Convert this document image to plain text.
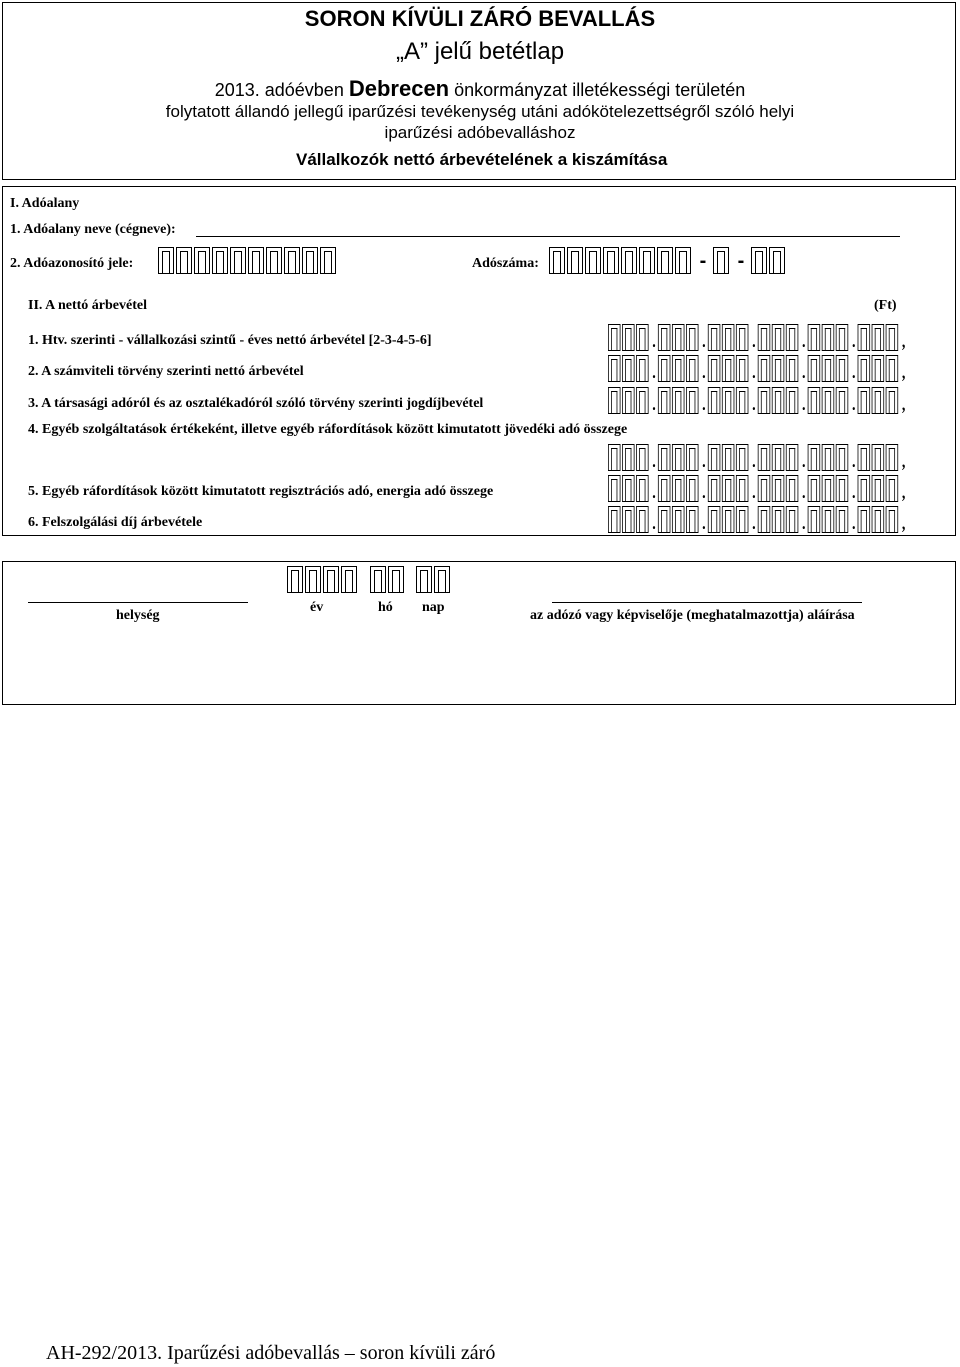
SORON KÍVÜLI ZÁRÓ BEVALLÁS
„A” jelű betétlap
2013. adóévben Debrecen önkormányzat illetékességi területén
folytatott állandó jellegű iparűzési tevékenység utáni adókötelezettségről szóló helyi
iparűzési adóbevalláshoz
Vállalkozók nettó árbevételének a kiszámítása
I. Adóalany
1. Adóalany neve (cégneve):
2. Adóazonosító jele:	Adószáma:	-	-
II. A nettó árbevétel	(Ft)
1. Htv. szerinti - vállalkozási szintű - éves nettó árbevétel [2-3-4-5-6]	.	.	.	.	.	,
2. A számviteli törvény szerinti nettó árbevétel	.	.	.	.	.	,
3. A társasági adóról és az osztalékadóról szóló törvény szerinti jogdíjbevétel	.	.	.	.	.	,
4. Egyéb szolgáltatások értékeként, illetve egyéb ráfordítások között kimutatott jövedéki adó összege
.	.	.	.	.	,
5. Egyéb ráfordítások között kimutatott regisztrációs adó, energia adó összege	.	.	.	.	.	,
6. Felszolgálási díj árbevétele	.	.	.	.	.	,
helység
év	hó nap
az adózó vagy képviselője (meghatalmazottja) aláírása
AH-292/2013. Iparűzési adóbevallás – soron kívüli záró
